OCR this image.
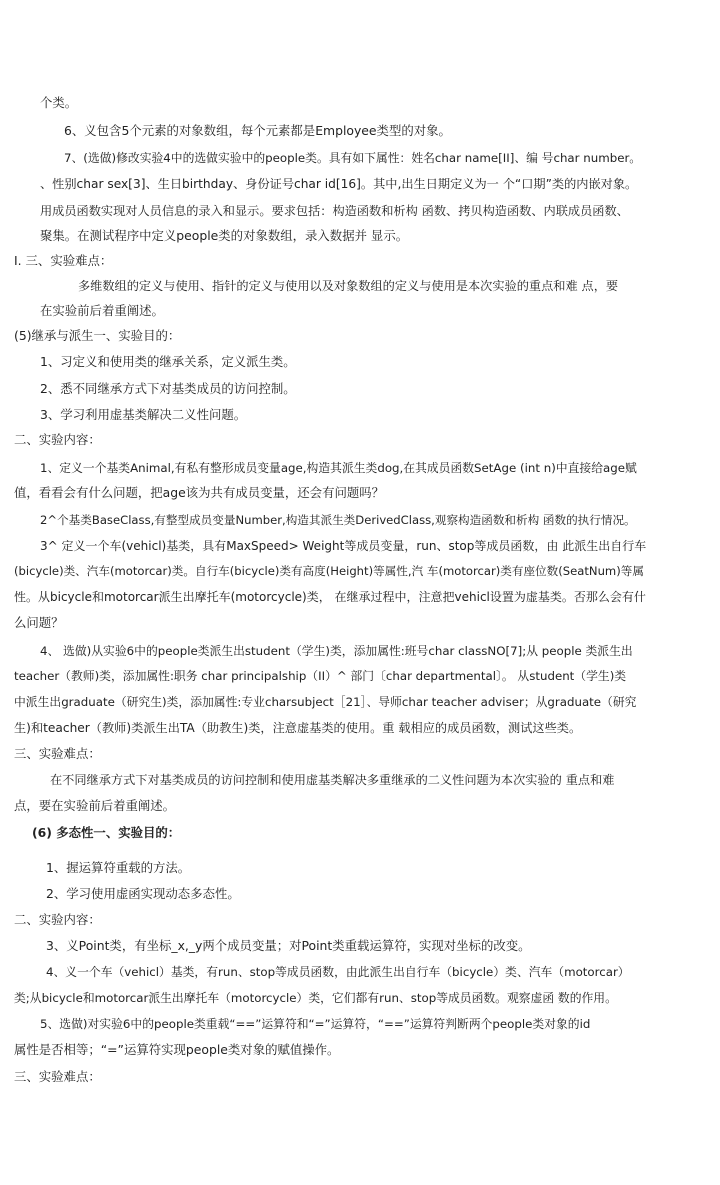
个类。

6、义包含5个元素的对象数组，每个元素都是Employee类型的对象。

7、(选做)修改实验4中的选做实验中的people类。具有如下属性：姓名char name[II]、编 号char number。

、性别char sex[3]、生日birthday、身份证号char id[16]。其中,出生日期定义为一 个“口期”类的内嵌对象。

用成员函数实现对人员信息的录入和显示。要求包括：构造函数和析构 函数、拷贝构造函数、内联成员函数、

聚集。在测试程序中定义people类的对象数组，录入数据并 显示。

I. 三、实验难点：

多维数组的定义与使用、指针的定义与使用以及对象数组的定义与使用是本次实验的重点和难 点，要

在实验前后着重阐述。

(5)继承与派生一、实验目的：

1、习定义和使用类的继承关系，定义派生类。

2、悉不同继承方式下对基类成员的访问控制。

3、学习利用虚基类解决二义性问题。

二、实验内容：

1、定义一个基类Animal,有私有整形成员变量age,构造其派生类dog,在其成员函数SetAge (int n)中直接给age赋

值，看看会有什么问题，把age该为共有成员变量，还会有问题吗？

2^个基类BaseClass,有整型成员变量Number,构造其派生类DerivedClass,观察构造函数和析构 函数的执行情况。

3^ 定义一个车(vehicl)基类，具有MaxSpeed> Weight等成员变量，run、stop等成员函数，由 此派生出自行车

(bicycle)类、汽车(motorcar)类。自行车(bicycle)类有高度(Height)等属性,汽 车(motorcar)类有座位数(SeatNum)等属

性。从bicycle和motorcar派生出摩托车(motorcycle)类， 在继承过程中，注意把vehicl设置为虚基类。否那么会有什

么问题？

4、 选做)从实验6中的people类派生出student（学生)类，添加属性:班号char classNO[7];从 people 类派生出

teacher（教师)类，添加属性:职务 char principalship（II）^ 部门〔char departmental〕。 从student（学生)类

中派生出graduate（研究生)类，添加属性:专业charsubject［21］、导师char teacher adviser；从graduate（研究

生)和teacher（教师)类派生出TA（助教生)类，注意虚基类的使用。重 载相应的成员函数，测试这些类。

三、实验难点：

在不同继承方式下对基类成员的访问控制和使用虚基类解决多重继承的二义性问题为本次实验的 重点和难

点，要在实验前后着重阐述。

(6) 多态性一、实验目的：

1、握运算符重载的方法。

2、学习使用虚函实现动态多态性。

二、实验内容：

3、义Point类，有坐标_x,_y两个成员变量；对Point类重载运算符，实现对坐标的改变。

4、义一个车（vehicl）基类，有run、stop等成员函数，由此派生出自行车（bicycle）类、汽车（motorcar）

类;从bicycle和motorcar派生出摩托车（motorcycle）类，它们都有run、stop等成员函数。观察虚函 数的作用。

5、选做)对实验6中的people类重载“==”运算符和“=”运算符，“==”运算符判断两个people类对象的id

属性是否相等；“=”运算符实现people类对象的赋值操作。

三、实验难点：
